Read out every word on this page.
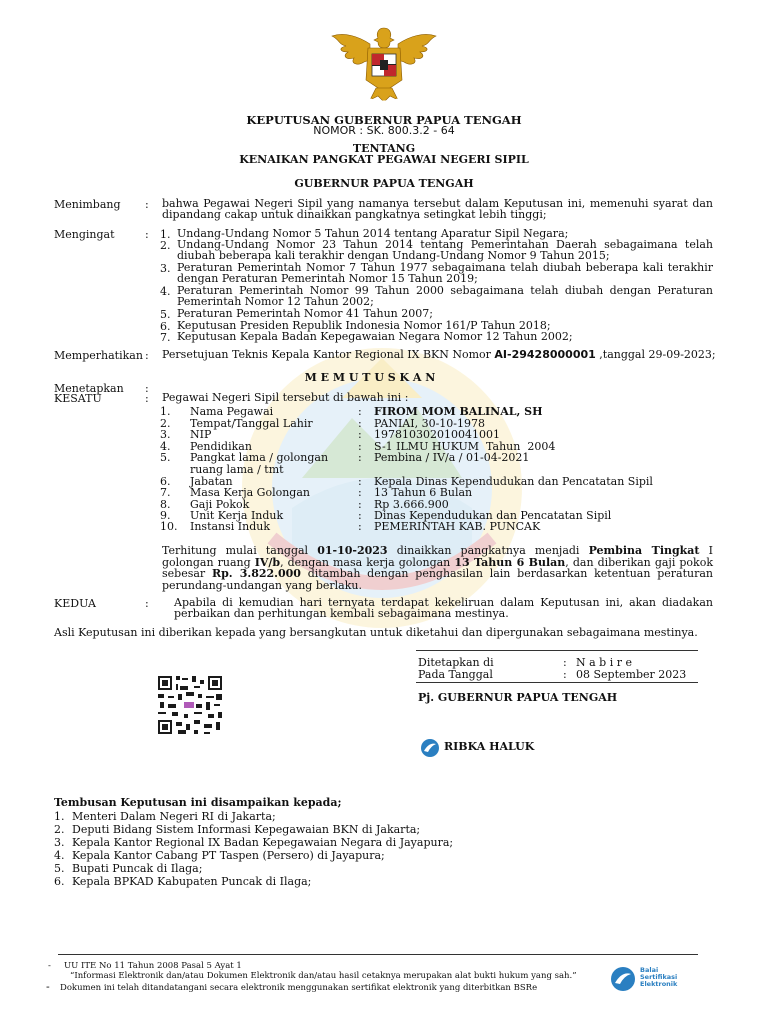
KEPUTUSAN GUBERNUR PAPUA TENGAH
NOMOR : SK. 800.3.2 - 64
TENTANG
KENAIKAN PANGKAT PEGAWAI NEGERI SIPIL
GUBERNUR PAPUA TENGAH
Menimbang : bahwa Pegawai Negeri Sipil yang namanya tersebut dalam Keputusan ini, memenuhi syarat dan dipandang cakap untuk dinaikkan pangkatnya setingkat lebih tinggi;
Mengingat	: 1. Undang-Undang Nomor 5 Tahun 2014 tentang Aparatur Sipil Negara;
2. Undang-Undang Nomor 23 Tahun 2014 tentang Pemerintahan Daerah sebagaimana telah diubah beberapa kali terakhir dengan Undang-Undang Nomor 9 Tahun 2015;
3. Peraturan Pemerintah Nomor 7 Tahun 1977 sebagaimana telah diubah beberapa kali terakhir dengan Peraturan Pemerintah Nomor 15 Tahun 2019;
4. Peraturan Pemerintah Nomor 99 Tahun 2000 sebagaimana telah diubah dengan Peraturan Pemerintah Nomor 12 Tahun 2002;
5. Peraturan Pemerintah Nomor 41 Tahun 2007;
6. Keputusan Presiden Republik Indonesia Nomor 161/P Tahun 2018;
7. Keputusan Kepala Badan Kepegawaian Negara Nomor 12 Tahun 2002;
Memperhatikan : Persetujuan Teknis Kepala Kantor Regional IX BKN Nomor AI-29428000001 ,tanggal 29-09-2023;
M E M U T U S K A N
Menetapkan :
KESATU	: Pegawai Negeri Sipil tersebut di bawah ini :
1. Nama Pegawai	: FIROM MOM BALINAL, SH
2. Tempat/Tanggal Lahir	: PANIAI, 30-10-1978
3. NIP	: 197810302010041001
4. Pendidikan	: S-1 ILMU HUKUM  Tahun  2004
5. Pangkat lama / golongan
ruang lama / tmt
: Pembina / IV/a / 01-04-2021
6. Jabatan	: Kepala Dinas Kependudukan dan Pencatatan Sipil
7. Masa Kerja Golongan	: 13 Tahun 6 Bulan
8. Gaji Pokok	: Rp 3.666.900
9. Unit Kerja Induk	: Dinas Kependudukan dan Pencatatan Sipil
10. Instansi Induk	: PEMERINTAH KAB. PUNCAK
Terhitung mulai tanggal 01-10-2023 dinaikkan pangkatnya menjadi Pembina Tingkat I golongan ruang IV/b, dengan masa kerja golongan 13 Tahun 6 Bulan, dan diberikan gaji pokok sebesar Rp. 3.822.000 ditambah dengan penghasilan lain berdasarkan ketentuan peraturan perundang-undangan yang berlaku.
KEDUA	: Apabila di kemudian hari ternyata terdapat kekeliruan dalam Keputusan ini, akan diadakan perbaikan dan perhitungan kembali sebagaimana mestinya.
Asli Keputusan ini diberikan kepada yang bersangkutan untuk diketahui dan dipergunakan sebagaimana mestinya.
Ditetapkan di	: N a b i r e
Pada Tanggal	: 08 September 2023
Pj. GUBERNUR PAPUA TENGAH
RIBKA HALUK
Tembusan Keputusan ini disampaikan kepada;
1. Menteri Dalam Negeri RI di Jakarta;
2. Deputi Bidang Sistem Informasi Kepegawaian BKN di Jakarta;
3. Kepala Kantor Regional IX Badan Kepegawaian Negara di Jayapura;
4. Kepala Kantor Cabang PT Taspen (Persero) di Jayapura;
5. Bupati Puncak di Ilaga;
6. Kepala BPKAD Kabupaten Puncak di Ilaga;
- UU ITE No 11 Tahun 2008 Pasal 5 Ayat 1
“Informasi Elektronik dan/atau Dokumen Elektronik dan/atau hasil cetaknya merupakan alat bukti hukum yang sah.”
- Dokumen ini telah ditandatangani secara elektronik menggunakan sertifikat elektronik yang diterbitkan BSRe
Balai
Sertifikasi
Elektronik
